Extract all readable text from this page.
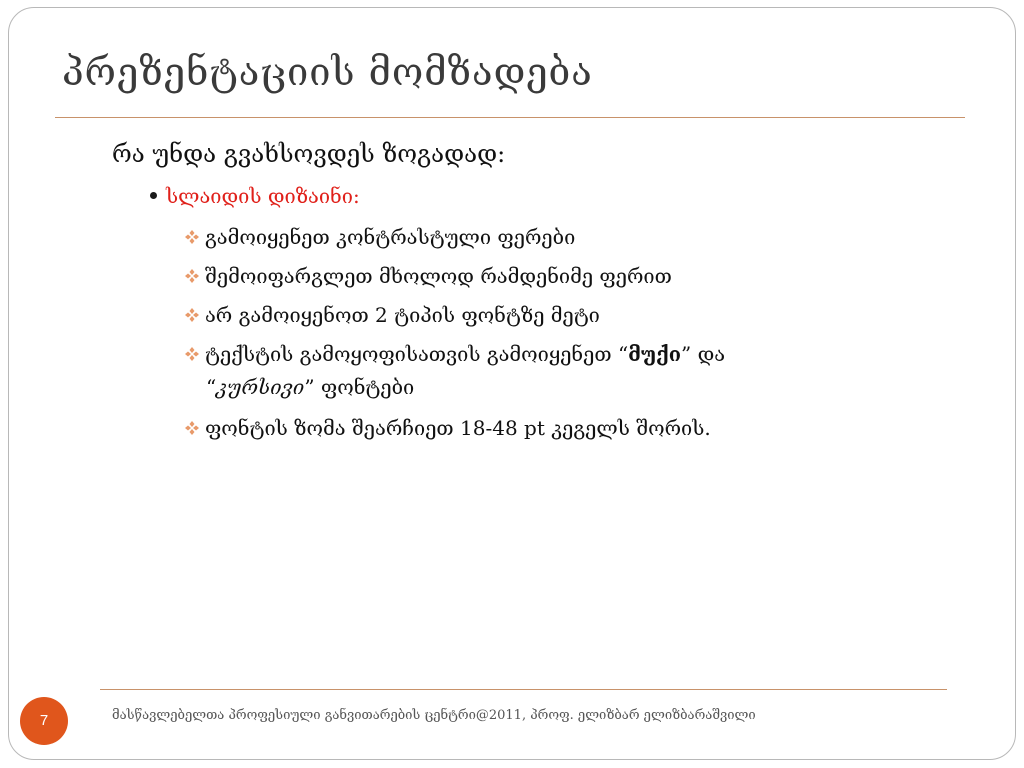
პრეზენტაციის მომზადება
რა უნდა გვახსოვდეს ზოგადად:
სლაიდის დიზაინი:
გამოიყენეთ კონტრასტული ფერები
შემოიფარგლეთ მხოლოდ რამდენიმე ფერით
არ გამოიყენოთ 2 ტიპის ფონტზე მეტი
ტექსტის გამოყოფისათვის გამოიყენეთ “მუქი” და
“კურსივი” ფონტები
ფონტის ზომა შეარჩიეთ 18-48 pt კეგელს შორის.
7	მასწავლებელთა პროფესიული განვითარების ცენტრი@2011, პროფ. ელიზბარ ელიზბარაშვილი
